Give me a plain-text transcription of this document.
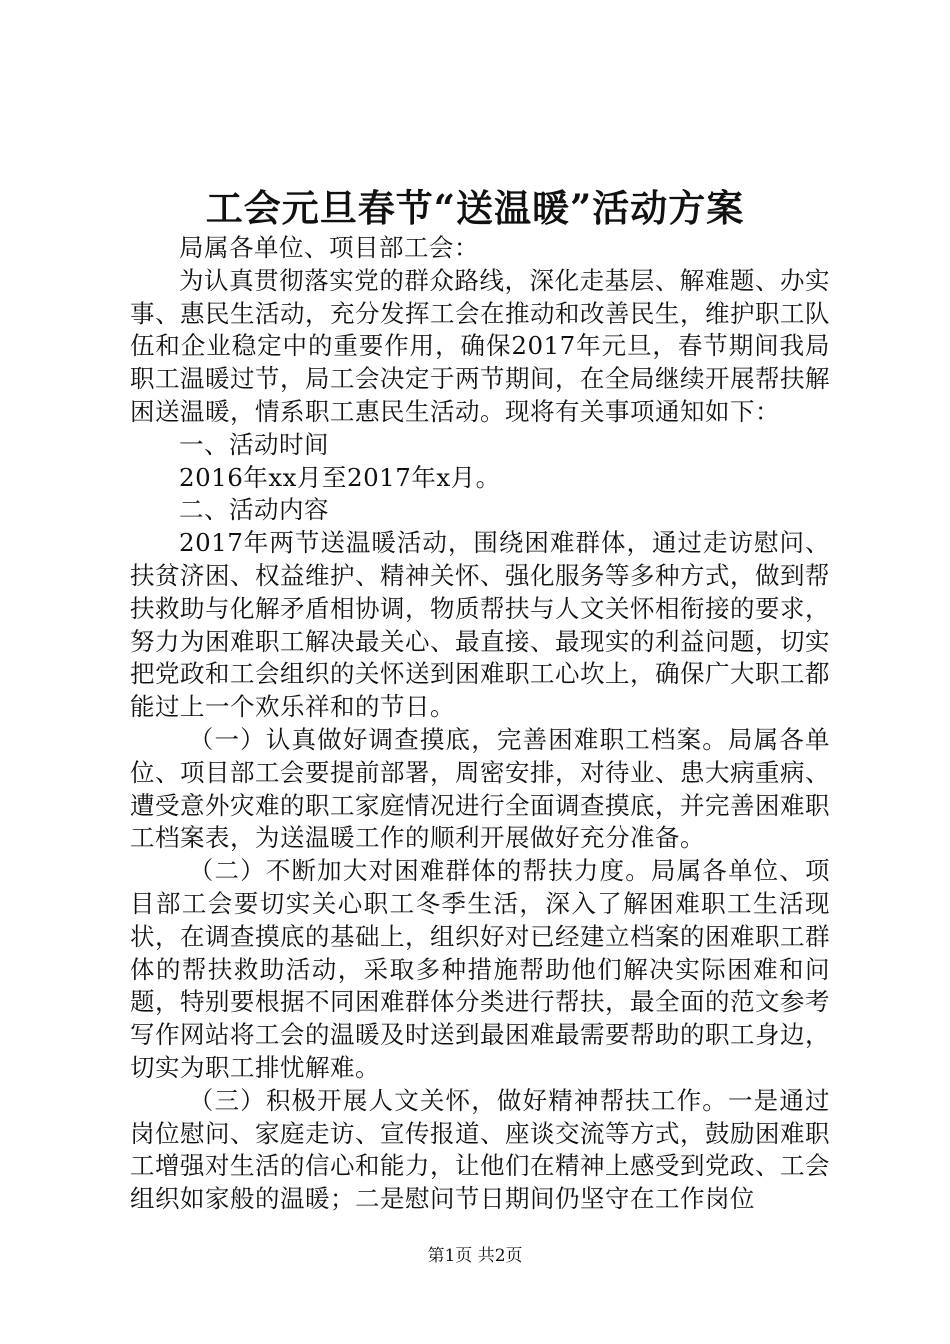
工会元旦春节“送温暖”活动方案

局属各单位、项目部工会：

为认真贯彻落实党的群众路线，深化走基层、解难题、办实事、惠民生活动，充分发挥工会在推动和改善民生，维护职工队伍和企业稳定中的重要作用，确保2017年元旦，春节期间我局职工温暖过节，局工会决定于两节期间，在全局继续开展帮扶解困送温暖，情系职工惠民生活动。现将有关事项通知如下：

一、活动时间

2016年xx月至2017年x月。

二、活动内容

2017年两节送温暖活动，围绕困难群体，通过走访慰问、扶贫济困、权益维护、精神关怀、强化服务等多种方式，做到帮扶救助与化解矛盾相协调，物质帮扶与人文关怀相衔接的要求，努力为困难职工解决最关心、最直接、最现实的利益问题，切实把党政和工会组织的关怀送到困难职工心坎上，确保广大职工都能过上一个欢乐祥和的节日。

（一）认真做好调查摸底，完善困难职工档案。局属各单位、项目部工会要提前部署，周密安排，对待业、患大病重病、遭受意外灾难的职工家庭情况进行全面调查摸底，并完善困难职工档案表，为送温暖工作的顺利开展做好充分准备。

（二）不断加大对困难群体的帮扶力度。局属各单位、项目部工会要切实关心职工冬季生活，深入了解困难职工生活现状，在调查摸底的基础上，组织好对已经建立档案的困难职工群体的帮扶救助活动，采取多种措施帮助他们解决实际困难和问题，特别要根据不同困难群体分类进行帮扶，最全面的范文参考写作网站将工会的温暖及时送到最困难最需要帮助的职工身边，切实为职工排忧解难。

（三）积极开展人文关怀，做好精神帮扶工作。一是通过岗位慰问、家庭走访、宣传报道、座谈交流等方式，鼓励困难职工增强对生活的信心和能力，让他们在精神上感受到党政、工会组织如家般的温暖；二是慰问节日期间仍坚守在工作岗位

第1页 共2页
